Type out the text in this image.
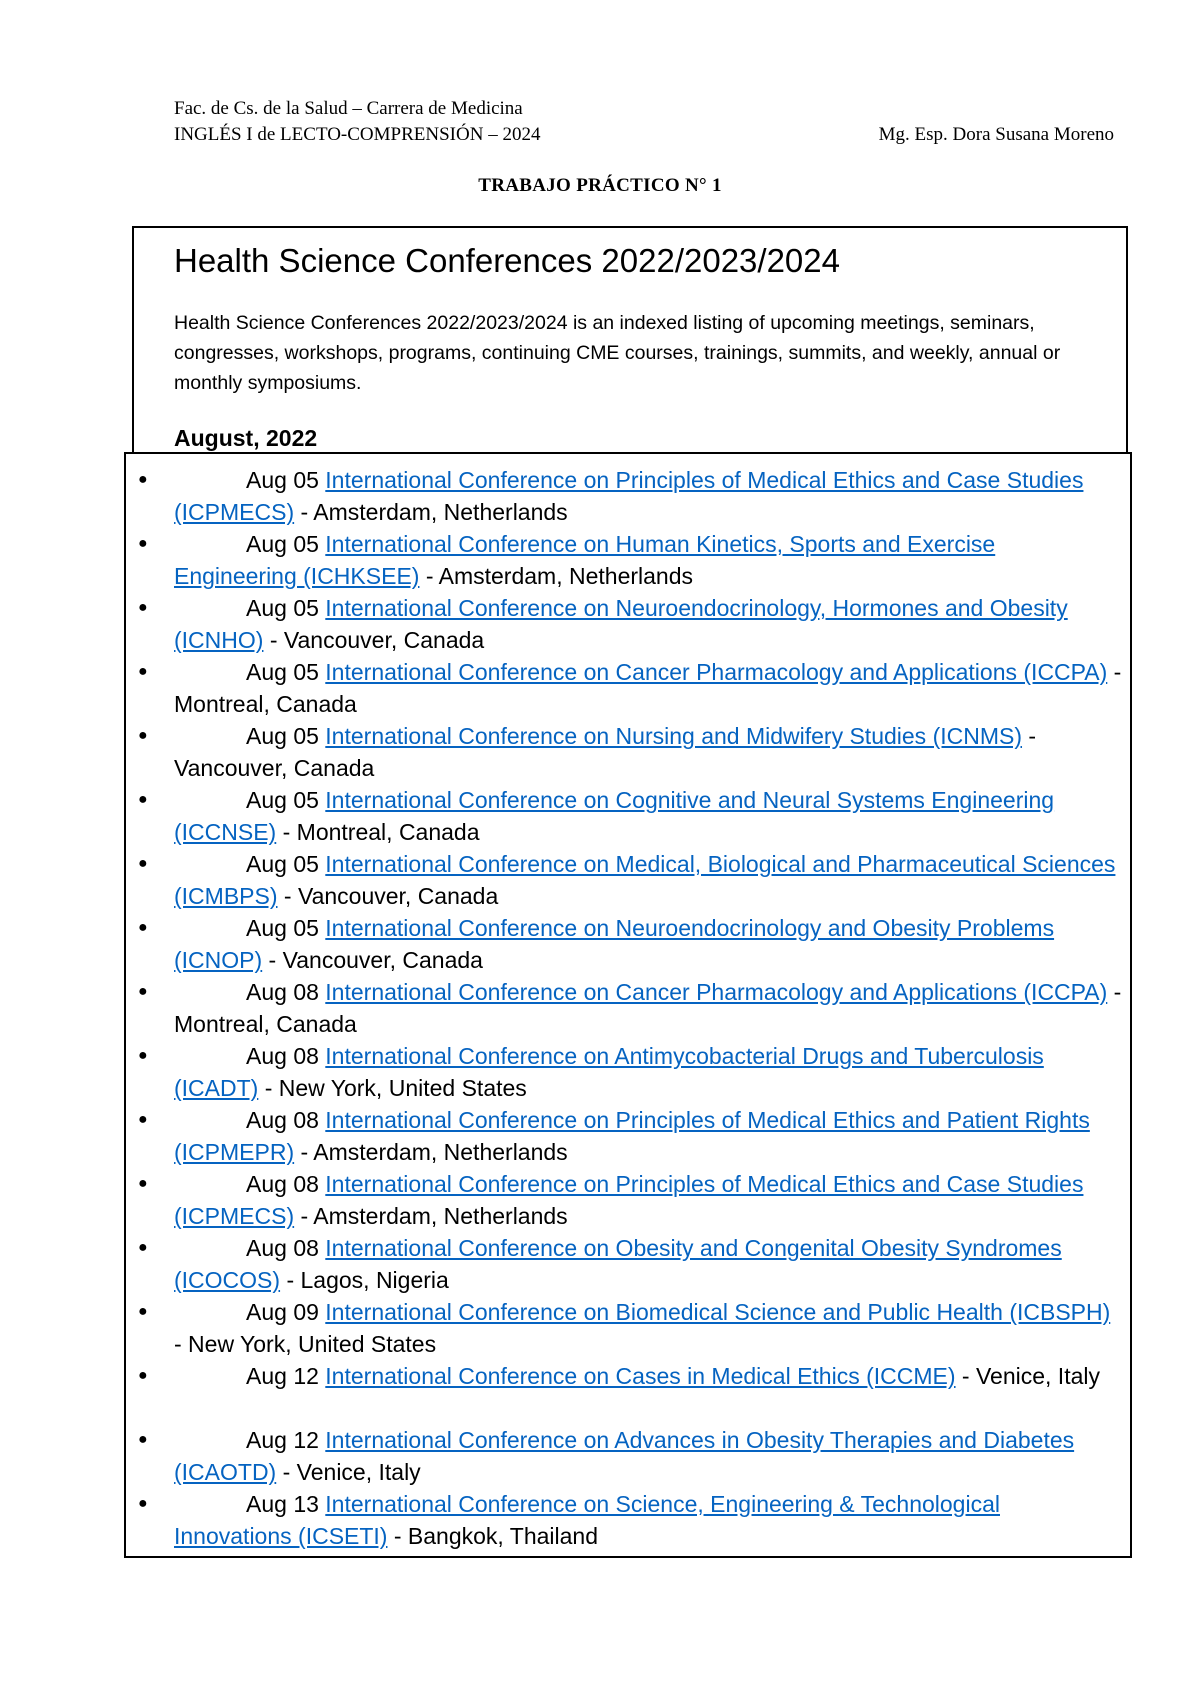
Fac. de Cs. de la Salud – Carrera de Medicina
INGLÉS I de LECTO-COMPRENSIÓN – 2024	Mg. Esp. Dora Susana Moreno
TRABAJO PRÁCTICO N° 1
Health Science Conferences 2022/2023/2024
Health Science Conferences 2022/2023/2024 is an indexed listing of upcoming meetings, seminars, congresses, workshops, programs, continuing CME courses, trainings, summits, and weekly, annual or monthly symposiums.
August, 2022
●	Aug 05 International Conference on Principles of Medical Ethics and Case Studies (ICPMECS) - Amsterdam, Netherlands
●	Aug 05 International Conference on Human Kinetics, Sports and Exercise Engineering (ICHKSEE) - Amsterdam, Netherlands
●	Aug 05 International Conference on Neuroendocrinology, Hormones and Obesity (ICNHO) - Vancouver, Canada
●	Aug 05 International Conference on Cancer Pharmacology and Applications (ICCPA) - Montreal, Canada
●	Aug 05 International Conference on Nursing and Midwifery Studies (ICNMS) - Vancouver, Canada
●	Aug 05 International Conference on Cognitive and Neural Systems Engineering (ICCNSE) - Montreal, Canada
●	Aug 05 International Conference on Medical, Biological and Pharmaceutical Sciences (ICMBPS) - Vancouver, Canada
●	Aug 05 International Conference on Neuroendocrinology and Obesity Problems (ICNOP) - Vancouver, Canada
●	Aug 08 International Conference on Cancer Pharmacology and Applications (ICCPA) - Montreal, Canada
●	Aug 08 International Conference on Antimycobacterial Drugs and Tuberculosis (ICADT) - New York, United States
●	Aug 08 International Conference on Principles of Medical Ethics and Patient Rights (ICPMEPR) - Amsterdam, Netherlands
●	Aug 08 International Conference on Principles of Medical Ethics and Case Studies (ICPMECS) - Amsterdam, Netherlands
●	Aug 08 International Conference on Obesity and Congenital Obesity Syndromes (ICOCOS) - Lagos, Nigeria
●	Aug 09 International Conference on Biomedical Science and Public Health (ICBSPH) - New York, United States
●	Aug 12 International Conference on Cases in Medical Ethics (ICCME) - Venice, Italy
●	Aug 12 International Conference on Advances in Obesity Therapies and Diabetes (ICAOTD) - Venice, Italy
●	Aug 13 International Conference on Science, Engineering & Technological Innovations (ICSETI) - Bangkok, Thailand
